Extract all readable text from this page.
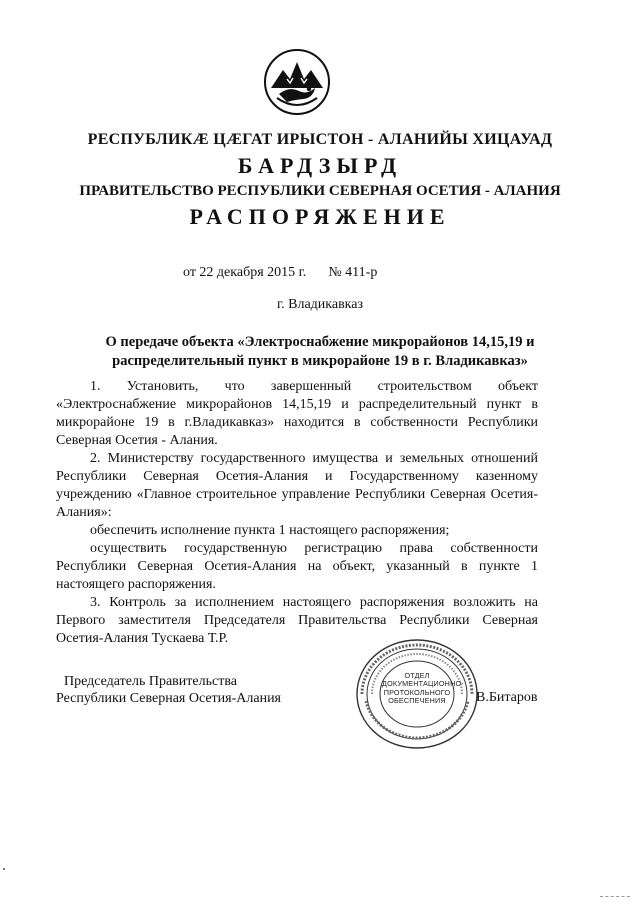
РЕСПУБЛИКӔ ЦӔГАТ ИРЫСТОН - АЛАНИЙЫ ХИЦАУАД
БАРДЗЫРД
ПРАВИТЕЛЬСТВО РЕСПУБЛИКИ СЕВЕРНАЯ ОСЕТИЯ - АЛАНИЯ
РАСПОРЯЖЕНИЕ
от 22 декабря 2015 г. № 411-р
г. Владикавказ
О передаче объекта «Электроснабжение микрорайонов 14,15,19 и
распределительный пункт в микрорайоне 19 в г. Владикавказ»

1. Установить, что завершенный строительством объект «Электроснабжение микрорайонов 14,15,19 и распределительный пункт в микрорайоне 19 в г.Владикавказ» находится в собственности Республики Северная Осетия - Алания.

2. Министерству государственного имущества и земельных отношений Республики Северная Осетия-Алания и Государственному казенному учреждению «Главное строительное управление Республики Северная Осетия-Алания»:

обеспечить исполнение пункта 1 настоящего распоряжения;

осуществить государственную регистрацию права собственности Республики Северная Осетия-Алания на объект, указанный в пункте 1 настоящего распоряжения.

3. Контроль за исполнением настоящего распоряжения возложить на Первого заместителя Председателя Правительства Республики Северная Осетия-Алания Тускаева Т.Р.

Председатель Правительства
Республики Северная Осетия-Алания
ОТДЕЛ
ДОКУМЕНТАЦИОННО-
ПРОТОКОЛЬНОГО
ОБЕСПЕЧЕНИЯ	В.Битаров
